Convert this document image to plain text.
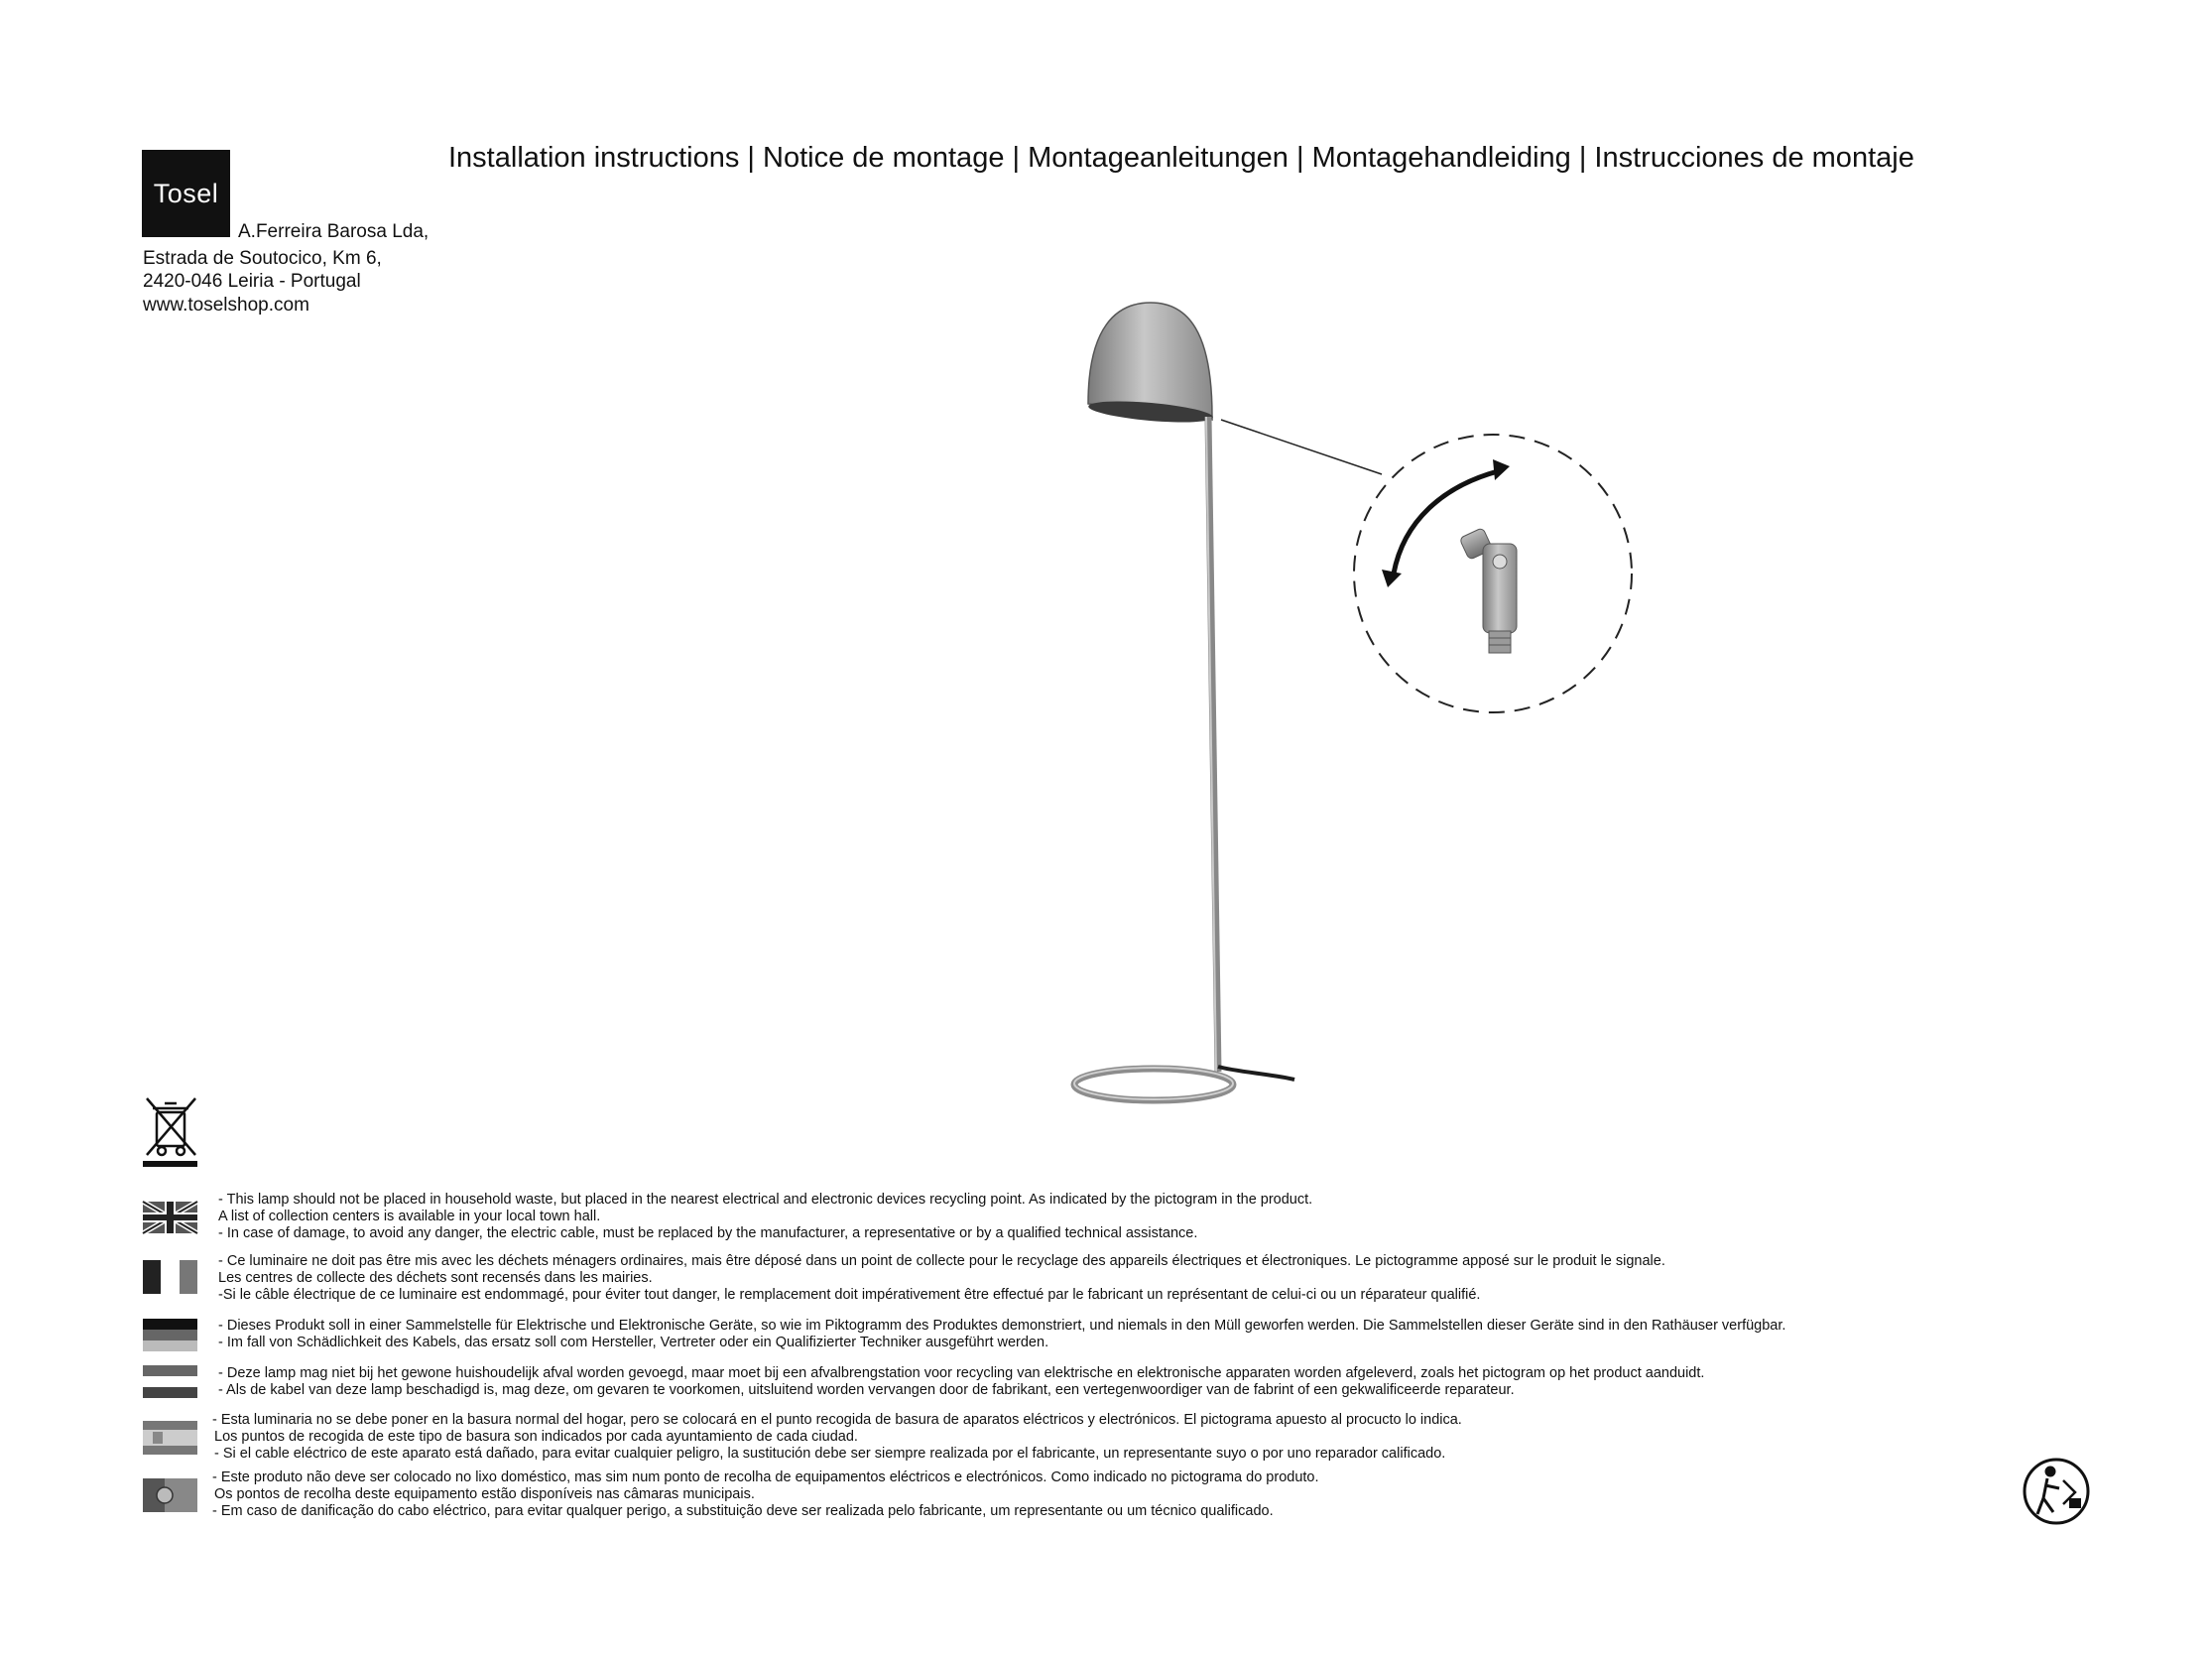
Tosel
Installation instructions | Notice de montage | Montageanleitungen | Montagehandleiding | Instrucciones de montaje
A.Ferreira Barosa Lda,
Estrada de Soutocico, Km 6,
2420-046 Leiria - Portugal
www.toselshop.com
- This lamp should not be placed in household waste, but placed in the nearest electrical and electronic devices recycling point. As indicated by the pictogram in the product.
A list of collection centers is available in your local town hall.
- In case of damage, to avoid any danger, the electric cable, must be replaced by the manufacturer, a representative or by a qualified technical assistance.
- Ce luminaire ne doit pas être mis avec les déchets ménagers ordinaires, mais être déposé dans un point de collecte pour le recyclage des appareils électriques et électroniques. Le pictogramme apposé sur le produit le signale.
Les centres de collecte des déchets sont recensés dans les mairies.
-Si le câble électrique de ce luminaire est endommagé, pour éviter tout danger, le remplacement doit impérativement être effectué par le fabricant un représentant de celui-ci ou un réparateur qualifié.
- Dieses Produkt soll in einer Sammelstelle für Elektrische und Elektronische Geräte, so wie im Piktogramm des Produktes demonstriert, und niemals in den Müll geworfen werden. Die Sammelstellen dieser Geräte sind in den Rathäuser verfügbar.
- Im fall von Schädlichkeit des Kabels, das ersatz soll com Hersteller, Vertreter oder ein Qualifizierter Techniker ausgeführt werden.
- Deze lamp mag niet bij het gewone huishoudelijk afval worden gevoegd, maar moet bij een afvalbrengstation voor recycling van elektrische en elektronische apparaten worden afgeleverd, zoals het pictogram op het product aanduidt.
- Als de kabel van deze lamp beschadigd is, mag deze, om gevaren te voorkomen, uitsluitend worden vervangen door de fabrikant, een vertegenwoordiger van de fabrint of een gekwalificeerde reparateur.
- Esta luminaria no se debe poner en la basura normal del hogar, pero se colocará en el punto recogida de basura de aparatos eléctricos y electrónicos. El pictograma apuesto al procucto lo indica.
Los puntos de recogida de este tipo de basura son indicados por cada ayuntamiento de cada ciudad.
- Si el cable eléctrico de este aparato está dañado, para evitar cualquier peligro, la sustitución debe ser siempre realizada por el fabricante, un representante suyo o por uno reparador calificado.
- Este produto não deve ser colocado no lixo doméstico, mas sim num ponto de recolha de equipamentos eléctricos e electrónicos. Como indicado no pictograma do produto.
Os pontos de recolha deste equipamento estão disponíveis nas câmaras municipais.
- Em caso de danificação do cabo eléctrico, para evitar qualquer perigo, a substituição deve ser realizada pelo fabricante, um representante ou um técnico qualificado.
